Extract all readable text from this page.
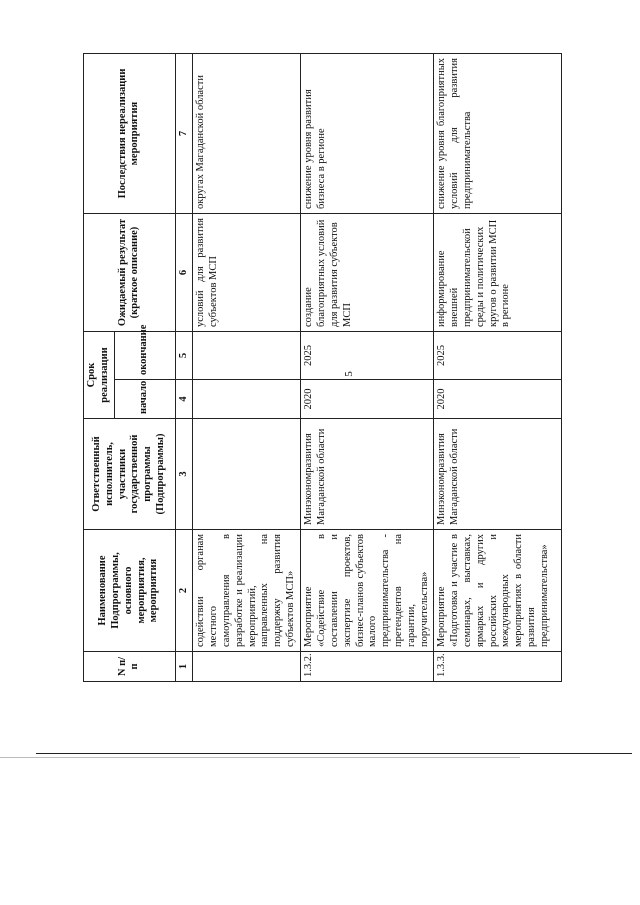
5
N п/п	Наименование Подпрограммы, основного мероприятия, мероприятия	Ответственный исполнитель, участники государственной программы (Подпрограммы)	Срок реализации		Ожидаемый результат (краткое описание)	Последствия нереализации мероприятия
			начало	окончание		
1	2	3	4	5	6	7
	содействии органам местного самоуправления в разработке и реализации мероприятий, направленных на поддержку развития субъектов МСП»				условий для развития субъектов МСП	округах Магаданской области
1.3.2.	Мероприятие «Содействие в составлении и экспертизе проектов, бизнес-планов субъектов малого предпринимательства - претендентов на гарантии, поручительства»	Минэкономразвития Магаданской области	2020	2025	создание благоприятных условий для развития субъектов МСП	снижение уровня развития бизнеса в регионе
1.3.3.	Мероприятие «Подготовка и участие в семинарах, выставках, ярмарках и других российских и международных мероприятиях в области развития предпринимательства»	Минэкономразвития Магаданской области	2020	2025	информирование внешней предпринимательской среды и политических кругов о развитии МСП в регионе	снижение уровня благоприятных условий для развития предпринимательства
